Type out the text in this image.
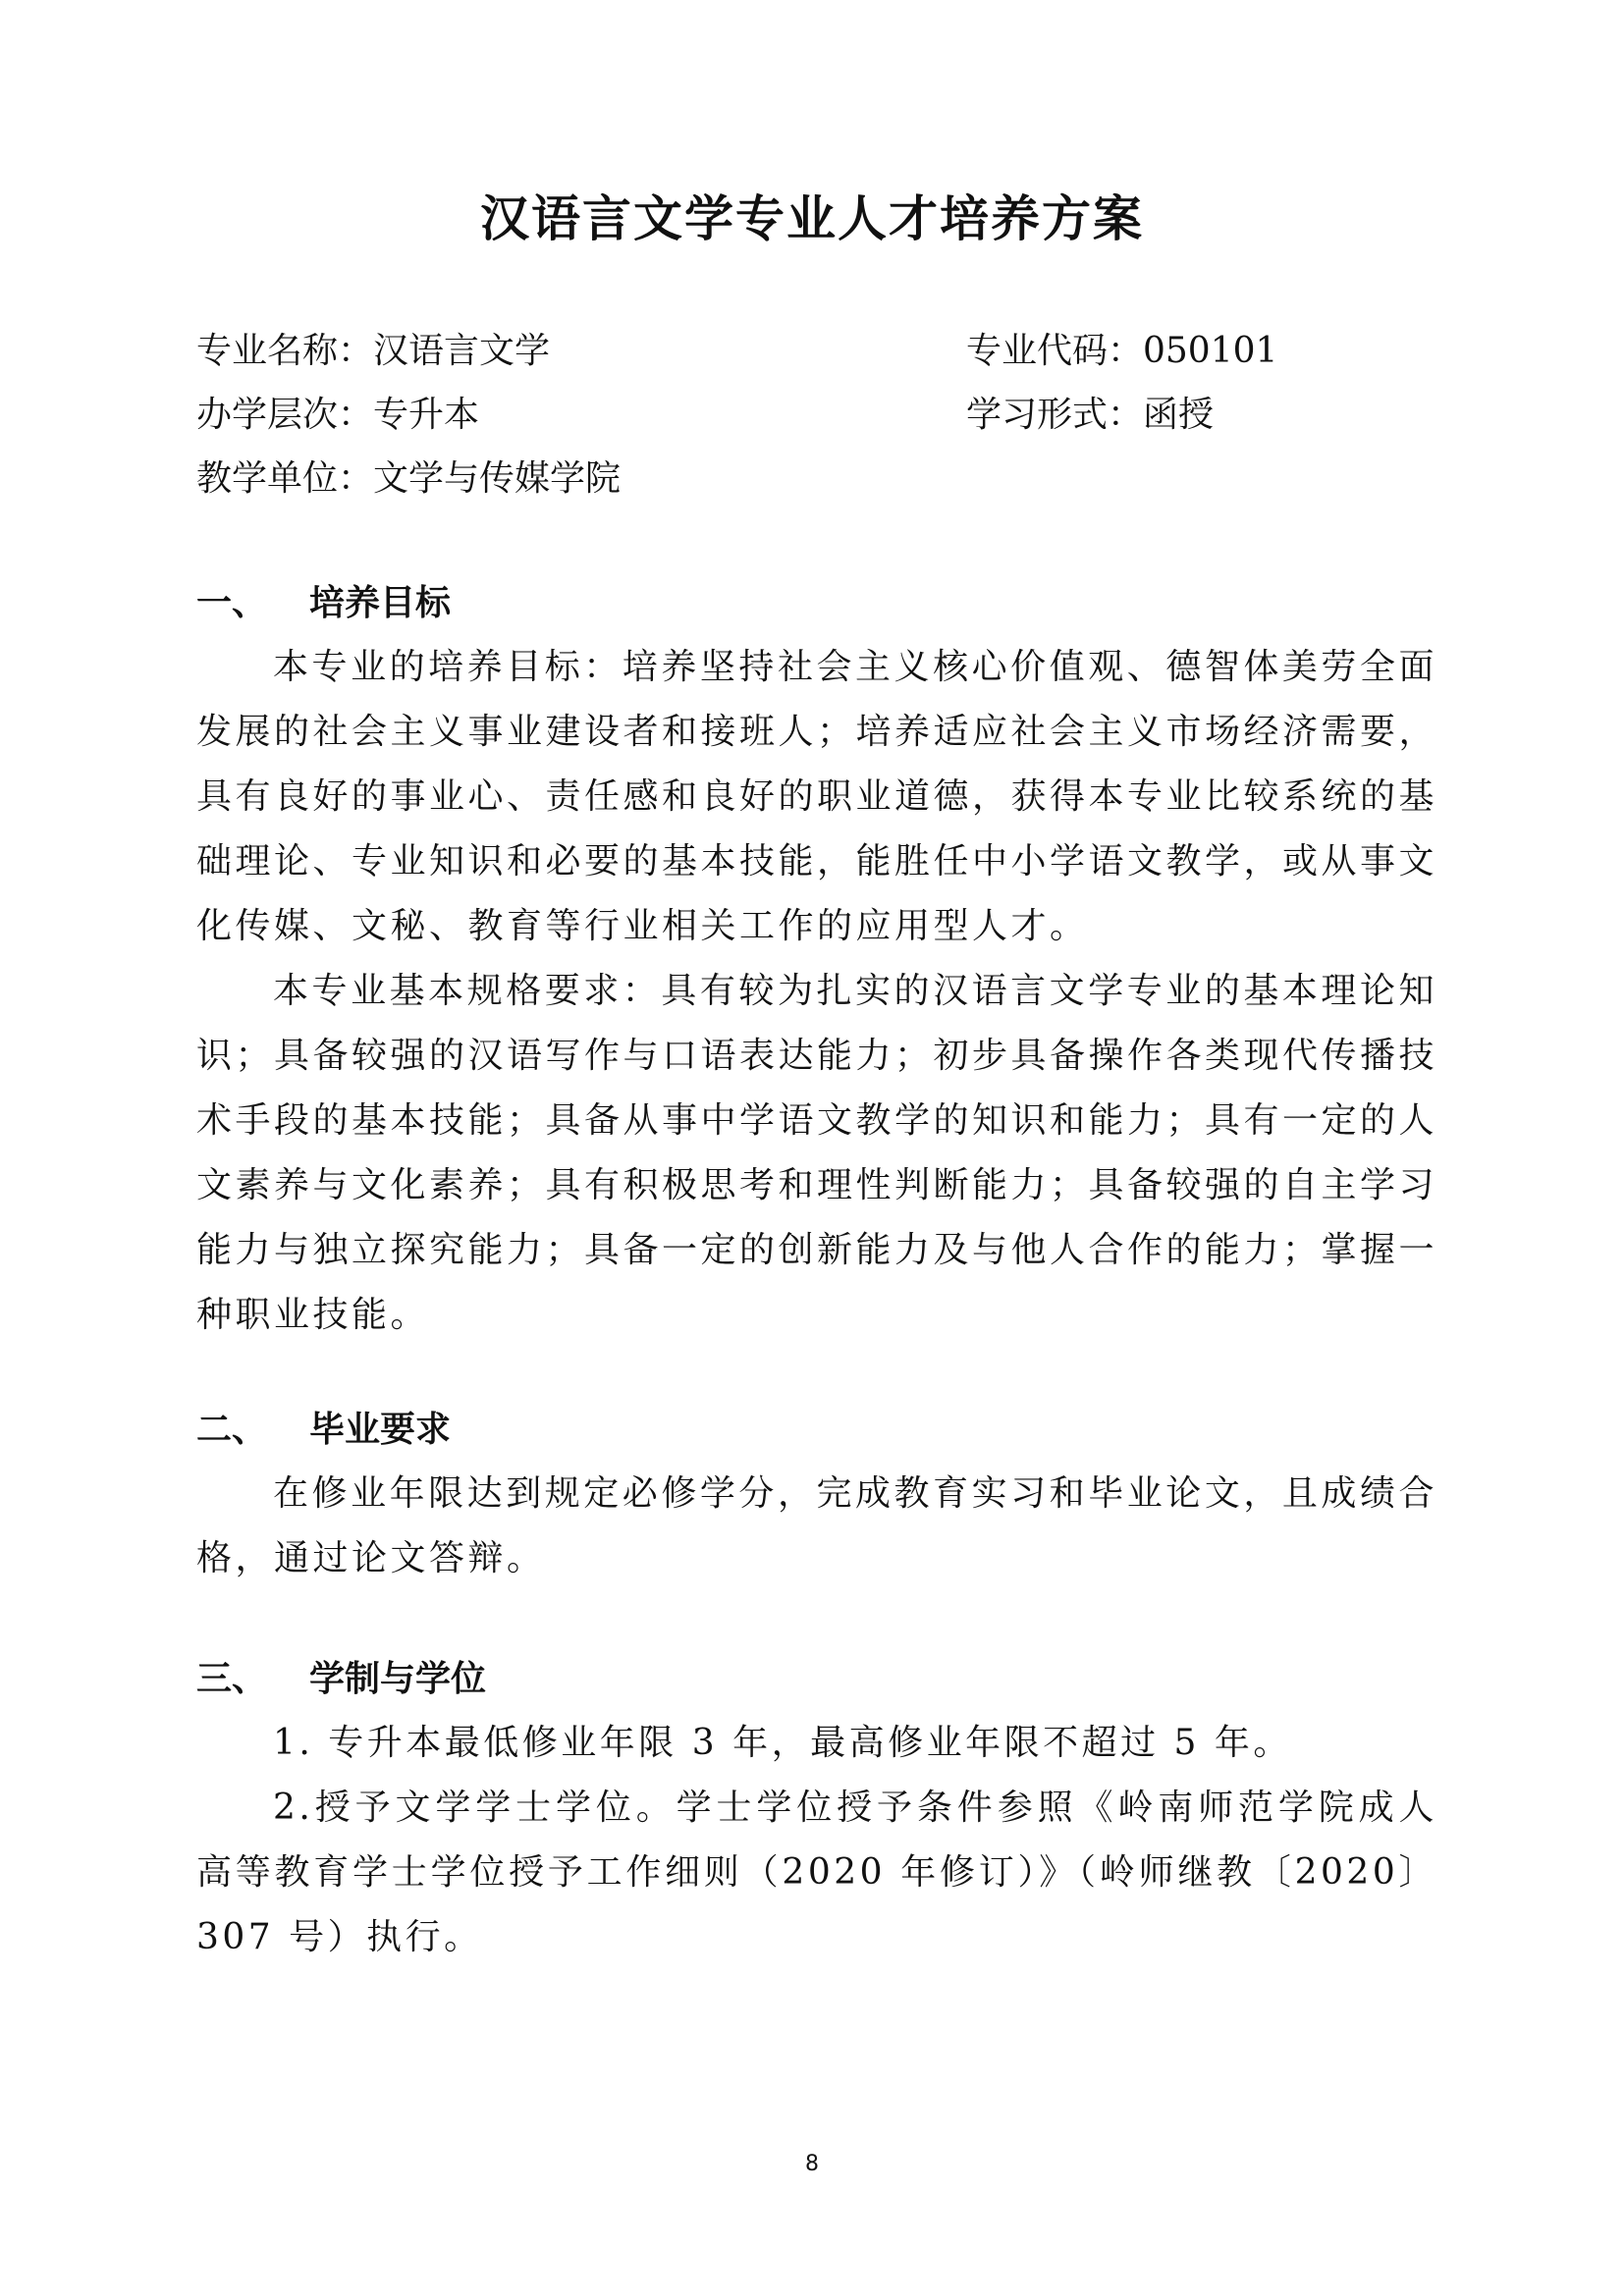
汉语言文学专业人才培养方案
专业名称：汉语言文学	专业代码：050101
办学层次：专升本	学习形式：函授
教学单位：文学与传媒学院
一、 培养目标
本专业的培养目标：培养坚持社会主义核心价值观、德智体美劳全面发展的社会主义事业建设者和接班人；培养适应社会主义市场经济需要，具有良好的事业心、责任感和良好的职业道德，获得本专业比较系统的基础理论、专业知识和必要的基本技能，能胜任中小学语文教学，或从事文化传媒、文秘、教育等行业相关工作的应用型人才。
本专业基本规格要求：具有较为扎实的汉语言文学专业的基本理论知识；具备较强的汉语写作与口语表达能力；初步具备操作各类现代传播技术手段的基本技能；具备从事中学语文教学的知识和能力；具有一定的人文素养与文化素养；具有积极思考和理性判断能力；具备较强的自主学习能力与独立探究能力；具备一定的创新能力及与他人合作的能力；掌握一种职业技能。
二、 毕业要求
在修业年限达到规定必修学分，完成教育实习和毕业论文，且成绩合格，通过论文答辩。
三、 学制与学位
1. 专升本最低修业年限 3 年，最高修业年限不超过 5 年。
2.授予文学学士学位。学士学位授予条件参照《岭南师范学院成人高等教育学士学位授予工作细则（2020 年修订）》（岭师继教〔2020〕307 号）执行。
8
